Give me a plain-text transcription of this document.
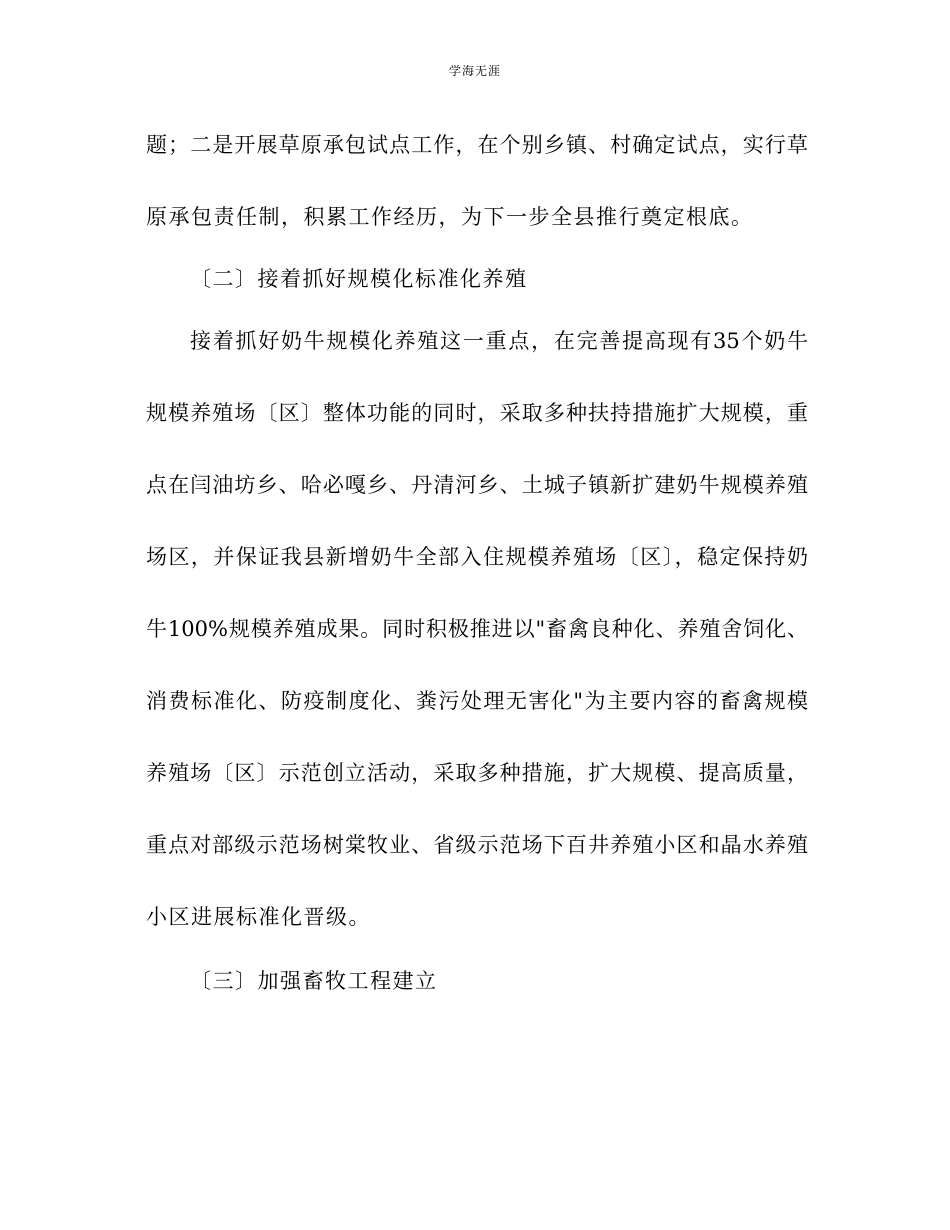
学海无涯
题；二是开展草原承包试点工作，在个别乡镇、村确定试点，实行草
原承包责任制，积累工作经历，为下一步全县推行奠定根底。
〔二〕接着抓好规模化标准化养殖
接着抓好奶牛规模化养殖这一重点，在完善提高现有35个奶牛
规模养殖场〔区〕整体功能的同时，采取多种扶持措施扩大规模，重
点在闫油坊乡、哈必嘎乡、丹清河乡、土城子镇新扩建奶牛规模养殖
场区，并保证我县新增奶牛全部入住规模养殖场〔区〕，稳定保持奶
牛100%规模养殖成果。同时积极推进以"畜禽良种化、养殖舍饲化、
消费标准化、防疫制度化、粪污处理无害化"为主要内容的畜禽规模
养殖场〔区〕示范创立活动，采取多种措施，扩大规模、提高质量，
重点对部级示范场树棠牧业、省级示范场下百井养殖小区和晶水养殖
小区进展标准化晋级。
〔三〕加强畜牧工程建立
